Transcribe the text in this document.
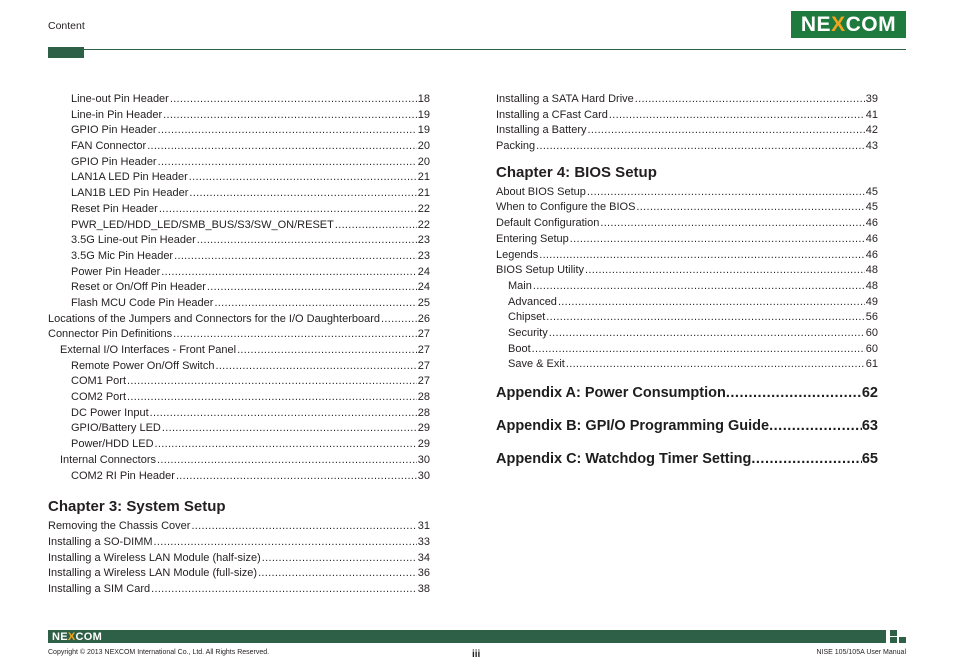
Content	NEXCOM
Line-out Pin Header .....	18
Line-in Pin Header .....	19
GPIO Pin Header .....	19
FAN Connector .....	20
GPIO Pin Header .....	20
LAN1A LED Pin Header .....	21
LAN1B LED Pin Header .....	21
Reset Pin Header .....	22
PWR_LED/HDD_LED/SMB_BUS/S3/SW_ON/RESET .....	22
3.5G Line-out Pin Header .....	23
3.5G Mic Pin Header .....	23
Power Pin Header .....	24
Reset or On/Off Pin Header .....	24
Flash MCU Code Pin Header .....	25
Locations of the Jumpers and Connectors for the I/O Daughterboard .....	26
Connector Pin Definitions .....	27
External I/O Interfaces - Front Panel .....	27
Remote Power On/Off Switch .....	27
COM1 Port .....	27
COM2 Port .....	28
DC Power Input .....	28
GPIO/Battery LED .....	29
Power/HDD LED .....	29
Internal Connectors .....	30
COM2 RI Pin Header .....	30
Chapter 3: System Setup
Removing the Chassis Cover .....	31
Installing a SO-DIMM .....	33
Installing a Wireless LAN Module (half-size) .....	34
Installing a Wireless LAN Module (full-size) .....	36
Installing a SIM Card .....	38
Installing a SATA Hard Drive .....	39
Installing a CFast Card .....	41
Installing a Battery .....	42
Packing .....	43
Chapter 4: BIOS Setup
About BIOS Setup .....	45
When to Configure the BIOS .....	45
Default Configuration .....	46
Entering Setup .....	46
Legends .....	46
BIOS Setup Utility .....	48
Main .....	48
Advanced .....	49
Chipset .....	56
Security .....	60
Boot .....	60
Save & Exit .....	61
Appendix A: Power Consumption .....	62
Appendix B: GPI/O Programming Guide .....	63
Appendix C: Watchdog Timer Setting .....	65
NEXCOM
Copyright © 2013 NEXCOM International Co., Ltd. All Rights Reserved.	iii	NISE 105/105A User Manual
